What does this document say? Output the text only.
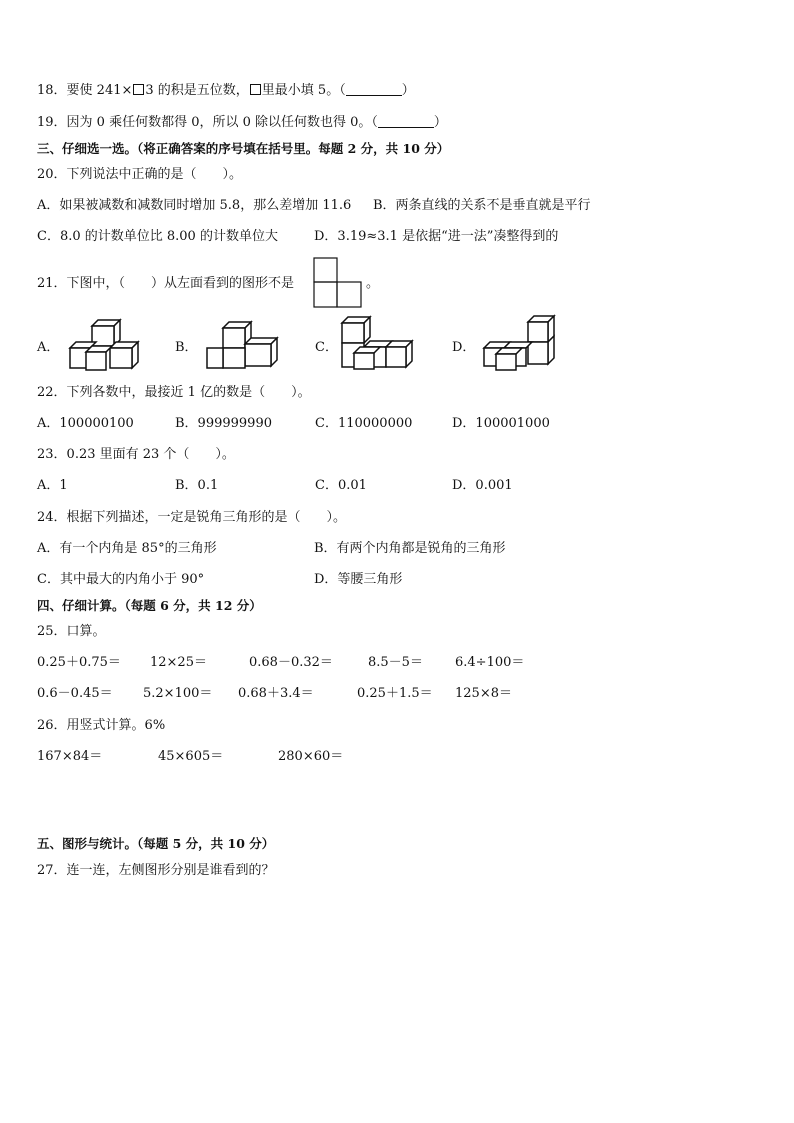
18．要使 241× 3 的积是五位数， 里最小填 5。（	）
19．因为 0 乘任何数都得 0，所以 0 除以任何数也得 0。（	）
三、仔细选一选。（将正确答案的序号填在括号里。每题 2 分，共 10 分）
20．下列说法中正确的是（　　）。
A．如果被减数和减数同时增加 5.8，那么差增加 11.6 B．两条直线的关系不是垂直就是平行
C．8.0 的计数单位比 8.00 的计数单位大	D．3.19≈3.1 是依据“进一法”凑整得到的
21．下图中，（　　）从左面看到的图形不是	。
A．	B．	C．	D．
22．下列各数中，最接近 1 亿的数是（　　）。
A．100000100	B．999999990	C．110000000	D．100001000
23．0.23 里面有 23 个（　　）。
A．1	B．0.1	C．0.01	D．0.001
24．根据下列描述，一定是锐角三角形的是（　　）。
A．有一个内角是 85°的三角形	B．有两个内角都是锐角的三角形
C．其中最大的内角小于 90°	D．等腰三角形
四、仔细计算。（每题 6 分，共 12 分）
25．口算。
0.25＋0.75＝ 12×25＝	0.68－0.32＝	8.5－5＝ 6.4÷100＝
0.6－0.45＝ 5.2×100＝ 0.68＋3.4＝	0.25＋1.5＝ 125×8＝
26．用竖式计算。6%
167×84＝	45×605＝	280×60＝
五、图形与统计。（每题 5 分，共 10 分）
27．连一连，左侧图形分别是谁看到的？
